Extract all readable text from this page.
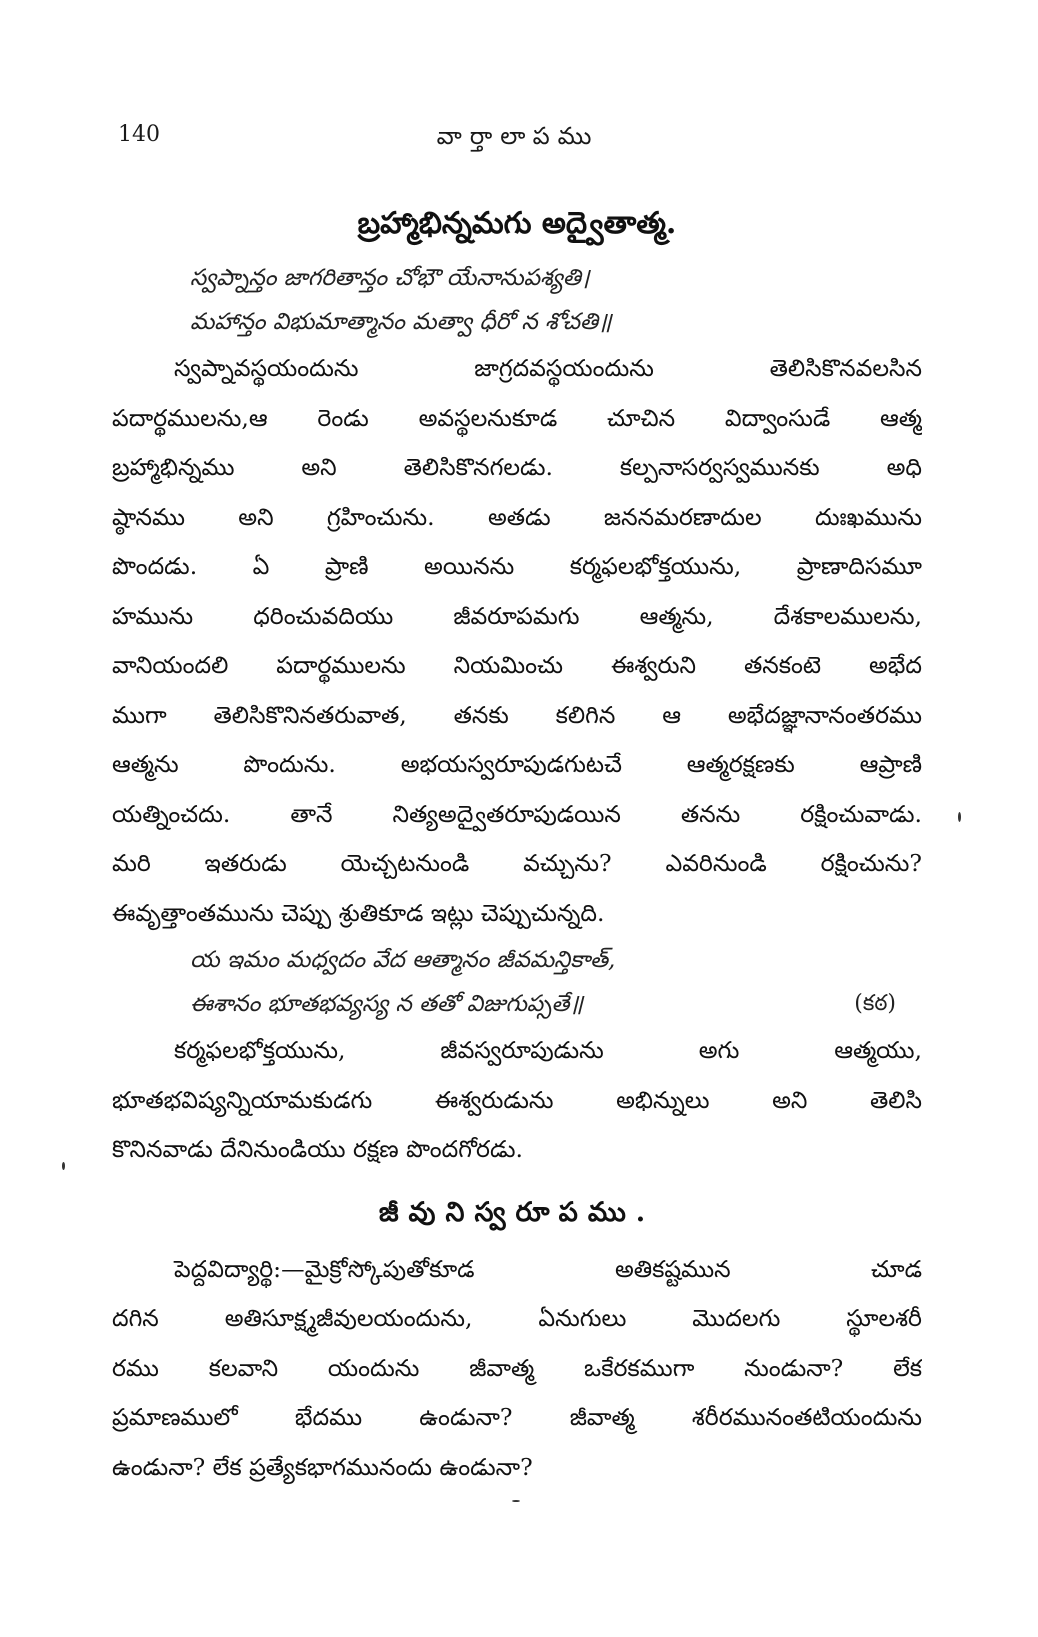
140	వార్తాలాపము
బ్రహ్మాభిన్నమగు అద్వైతాత్మ.
స్వప్నాన్తం జాగరితాన్తం చోభౌ యేనానుపశ్యతి।
మహాన్తం విభుమాత్మానం మత్వా ధీరో న శోచతి॥
స్వప్నావస్థయందును జాగ్రదవస్థయందును తెలిసికొనవలసిన
పదార్థములను,ఆ రెండు అవస్థలనుకూడ చూచిన విద్వాంసుడే ఆత్మ
బ్రహ్మాభిన్నము అని తెలిసికొనగలడు. కల్పనాసర్వస్వమునకు అధి
ష్ఠానము అని గ్రహించును. అతడు జననమరణాదుల దుఃఖమును
పొందడు. ఏ ప్రాణి అయినను కర్మఫలభోక్తయును, ప్రాణాదిసమూ
హమును ధరించువదియు జీవరూపమగు ఆత్మను, దేశకాలములను,
వానియందలి పదార్థములను నియమించు ఈశ్వరుని తనకంటె అభేద
ముగా తెలిసికొనినతరువాత, తనకు కలిగిన ఆ అభేదజ్ఞానానంతరము
ఆత్మను పొందును. అభయస్వరూపుడగుటచే ఆత్మరక్షణకు ఆప్రాణి
యత్నించదు. తానే నిత్యఅద్వైతరూపుడయిన తనను రక్షించువాడు.
మరి ఇతరుడు యెచ్చటనుండి వచ్చును? ఎవరినుండి రక్షించును?
ఈవృత్తాంతమును చెప్పు శ్రుతికూడ ఇట్లు చెప్పుచున్నది.
య ఇమం మధ్వదం వేద ఆత్మానం జీవమన్తికాత్,
ఈశానం భూతభవ్యస్య న తతో విజుగుప్సతే॥	(కఠ)
కర్మఫలభోక్తయును, జీవస్వరూపుడును అగు ఆత్మయు,
భూతభవిష్యన్నియామకుడగు ఈశ్వరుడును అభిన్నులు అని తెలిసి
కొనినవాడు దేనినుండియు రక్షణ పొందగోరడు.
జీవునిస్వరూపము.
పెద్దవిద్యార్థి:—మైక్రోస్కోపుతోకూడ అతికష్టమున చూడ
దగిన అతిసూక్ష్మజీవులయందును, ఏనుగులు మొదలగు స్థూలశరీ
రము కలవాని యందును జీవాత్మ ఒకేరకముగా నుండునా? లేక
ప్రమాణములో భేదము ఉండునా? జీవాత్మ శరీరమునంతటియందును
ఉండునా? లేక ప్రత్యేకభాగమునందు ఉండునా?
